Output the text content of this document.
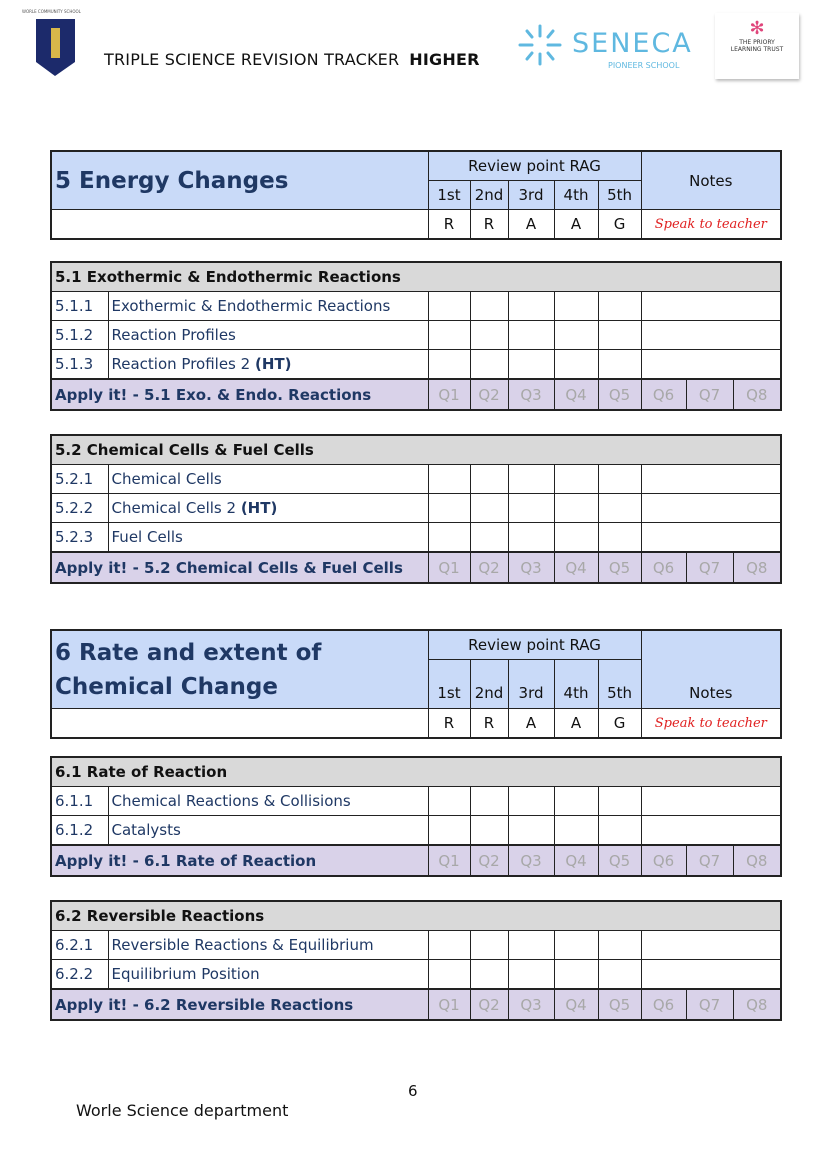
WORLE COMMUNITY SCHOOL
TRIPLE SCIENCE REVISION TRACKER HIGHER
SENECA
PIONEER SCHOOL
✻
THE PRIORY
LEARNING TRUST
5 Energy Changes	Review point RAG					Notes
	1st	2nd	3rd	4th	5th	
	R	R	A	A	G	Speak to teacher
5.1 Exothermic & Endothermic Reactions									
5.1.1	Exothermic & Endothermic Reactions								
5.1.2	Reaction Profiles								
5.1.3	Reaction Profiles 2 (HT)								
Apply it! - 5.1 Exo. & Endo. Reactions		Q1	Q2	Q3	Q4	Q5	Q6	Q7	Q8
5.2 Chemical Cells & Fuel Cells									
5.2.1	Chemical Cells								
5.2.2	Chemical Cells 2 (HT)								
5.2.3	Fuel Cells								
Apply it! - 5.2 Chemical Cells & Fuel Cells		Q1	Q2	Q3	Q4	Q5	Q6	Q7	Q8
6 Rate and extent of
Chemical Change	Review point RAG					Notes
	1st	2nd	3rd	4th	5th	
	R	R	A	A	G	Speak to teacher
6.1 Rate of Reaction									
6.1.1	Chemical Reactions & Collisions								
6.1.2	Catalysts								
Apply it! - 6.1 Rate of Reaction		Q1	Q2	Q3	Q4	Q5	Q6	Q7	Q8
6.2 Reversible Reactions									
6.2.1	Reversible Reactions & Equilibrium								
6.2.2	Equilibrium Position								
Apply it! - 6.2 Reversible Reactions		Q1	Q2	Q3	Q4	Q5	Q6	Q7	Q8
6
Worle Science department
